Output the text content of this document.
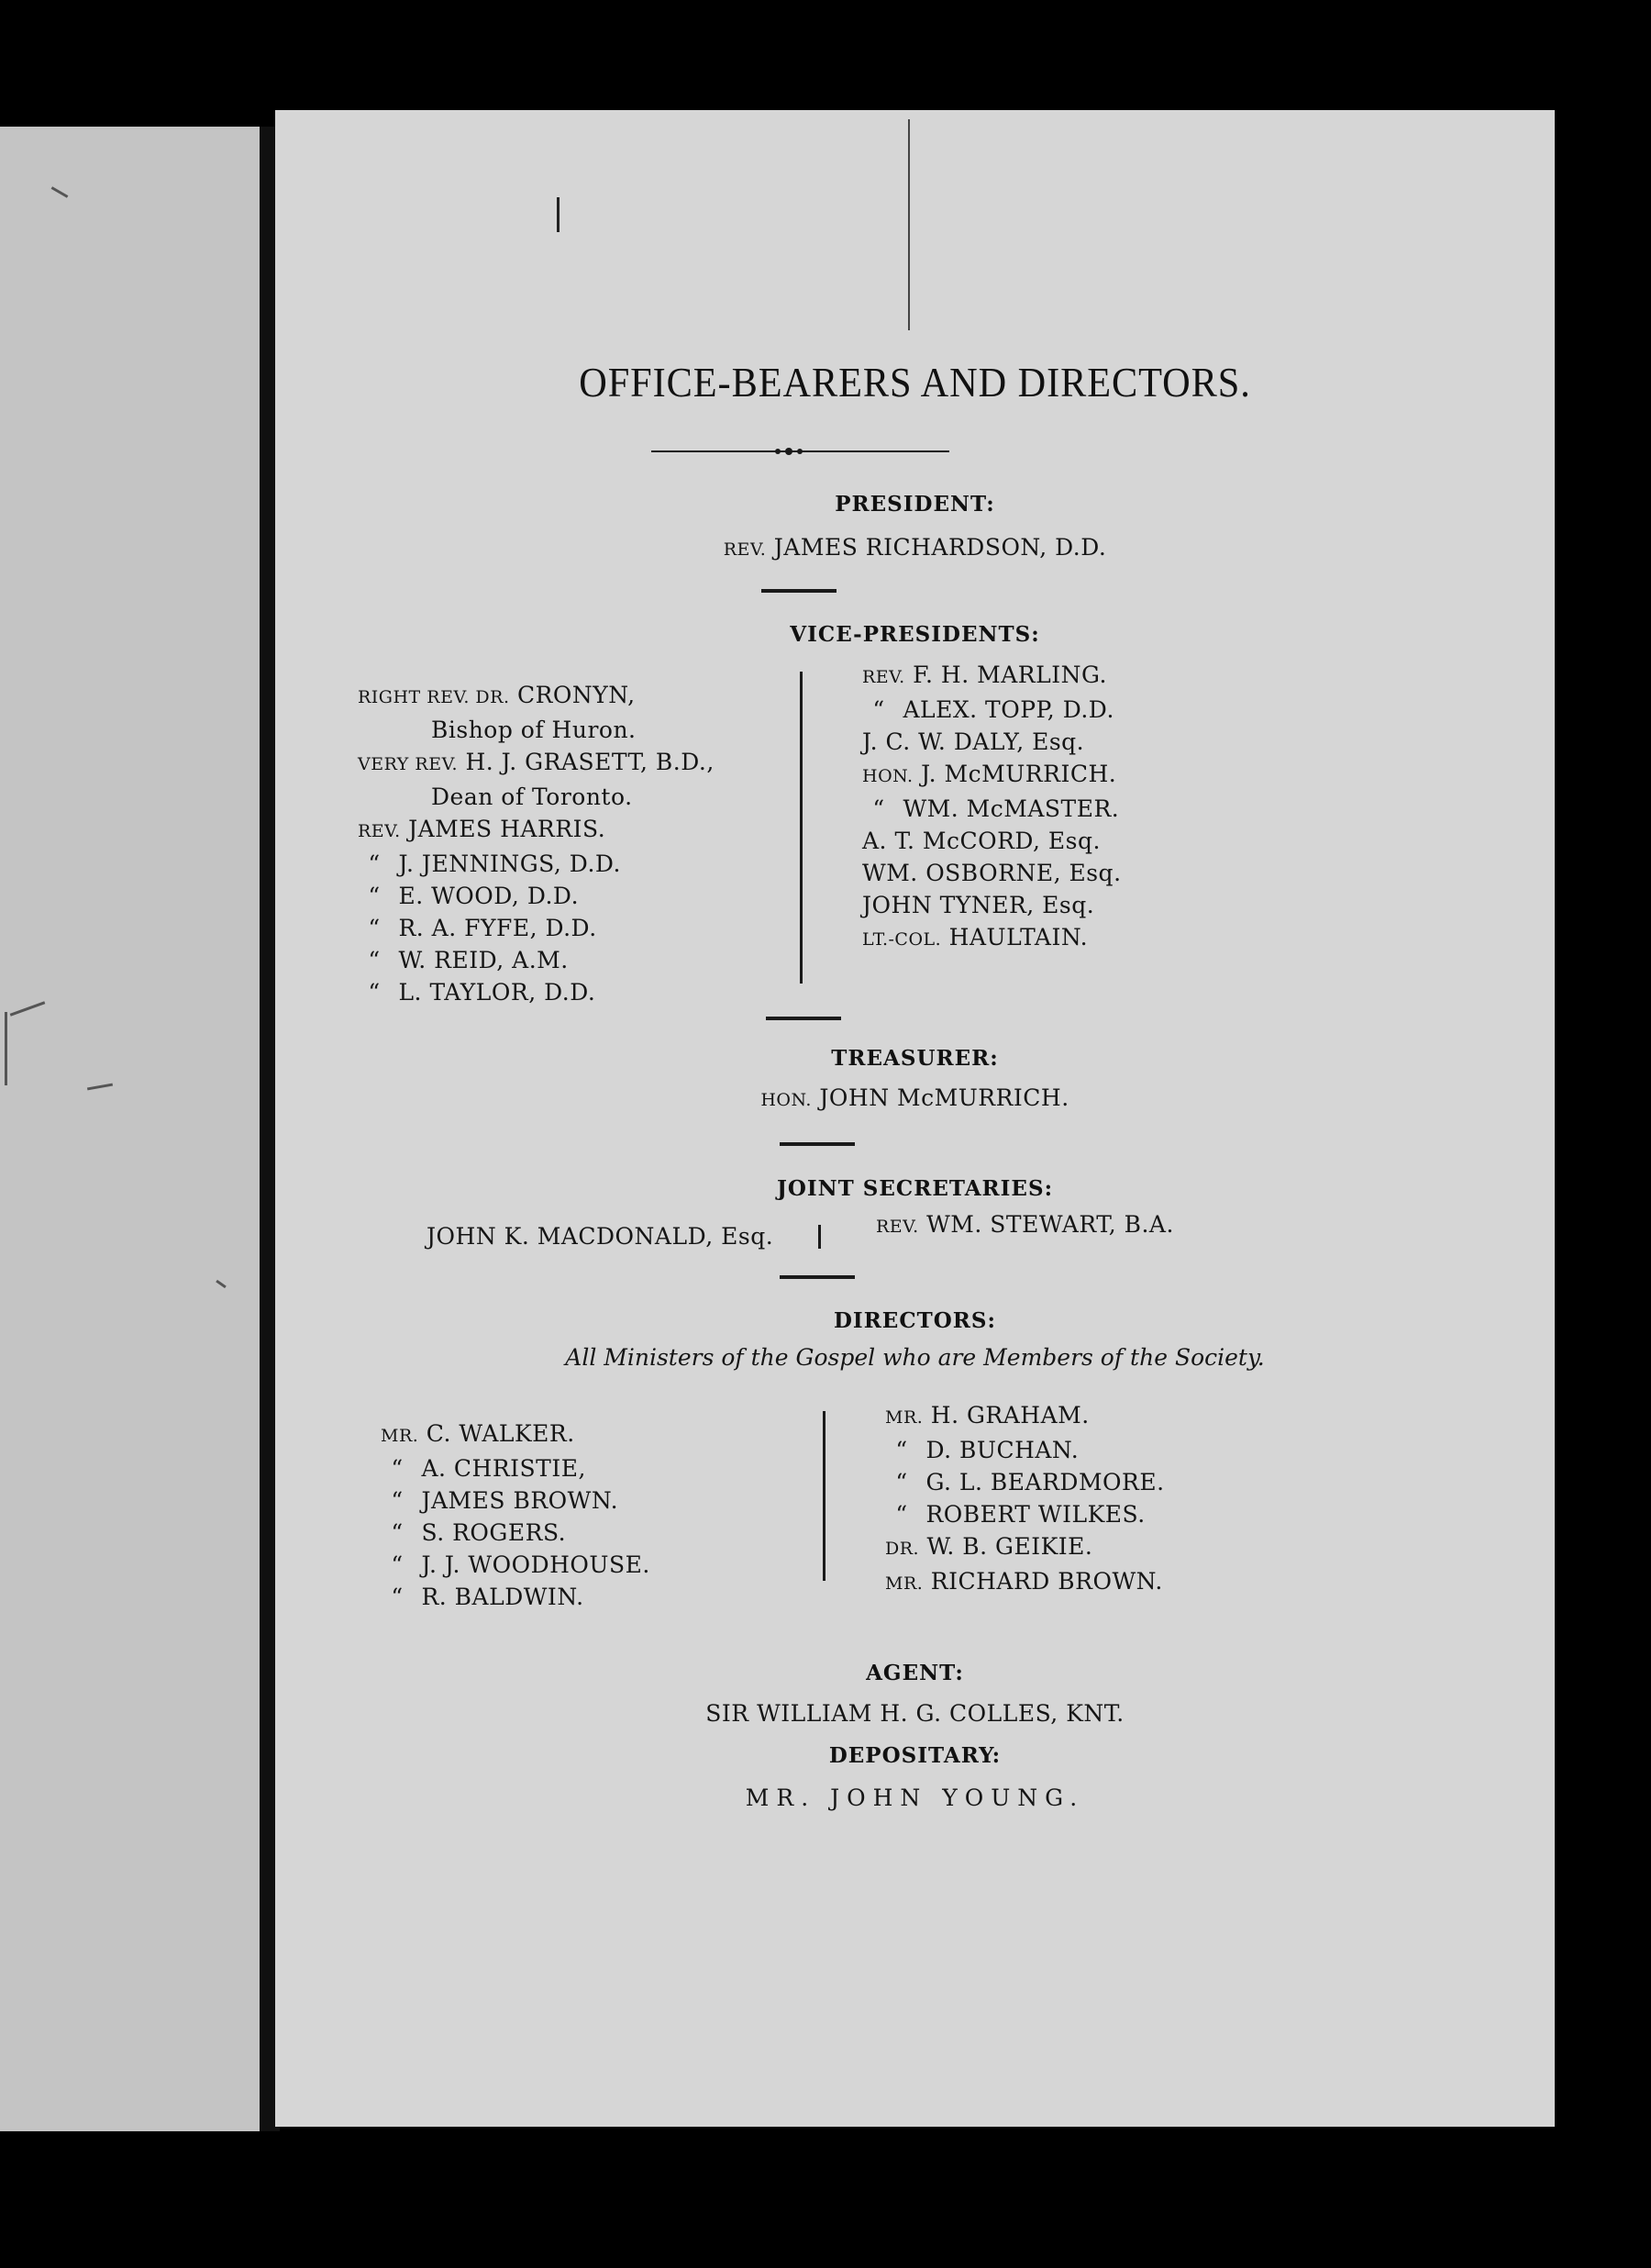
OFFICE-BEARERS AND DIRECTORS.
PRESIDENT:
REV. JAMES RICHARDSON, D.D.
VICE-PRESIDENTS:
RIGHT REV. DR. CRONYN,
Bishop of Huron.
VERY REV. H. J. GRASETT, B.D.,
Dean of Toronto.
REV. JAMES HARRIS.
“ J. JENNINGS, D.D.
“ E. WOOD, D.D.
“ R. A. FYFE, D.D.
“ W. REID, A.M.
“ L. TAYLOR, D.D.
REV. F. H. MARLING.
“ ALEX. TOPP, D.D.
J. C. W. DALY, Esq.
HON. J. McMURRICH.
“ WM. McMASTER.
A. T. McCORD, Esq.
WM. OSBORNE, Esq.
JOHN TYNER, Esq.
LT.-COL. HAULTAIN.
TREASURER:
HON. JOHN McMURRICH.
JOINT SECRETARIES:
JOHN K. MACDONALD, Esq.	REV. WM. STEWART, B.A.
DIRECTORS:
All Ministers of the Gospel who are Members of the Society.
MR. C. WALKER.
“ A. CHRISTIE,
“ JAMES BROWN.
“ S. ROGERS.
“ J. J. WOODHOUSE.
“ R. BALDWIN.
MR. H. GRAHAM.
“ D. BUCHAN.
“ G. L. BEARDMORE.
“ ROBERT WILKES.
DR. W. B. GEIKIE.
MR. RICHARD BROWN.
AGENT:
SIR WILLIAM H. G. COLLES, KNT.
DEPOSITARY:
MR. JOHN YOUNG.
